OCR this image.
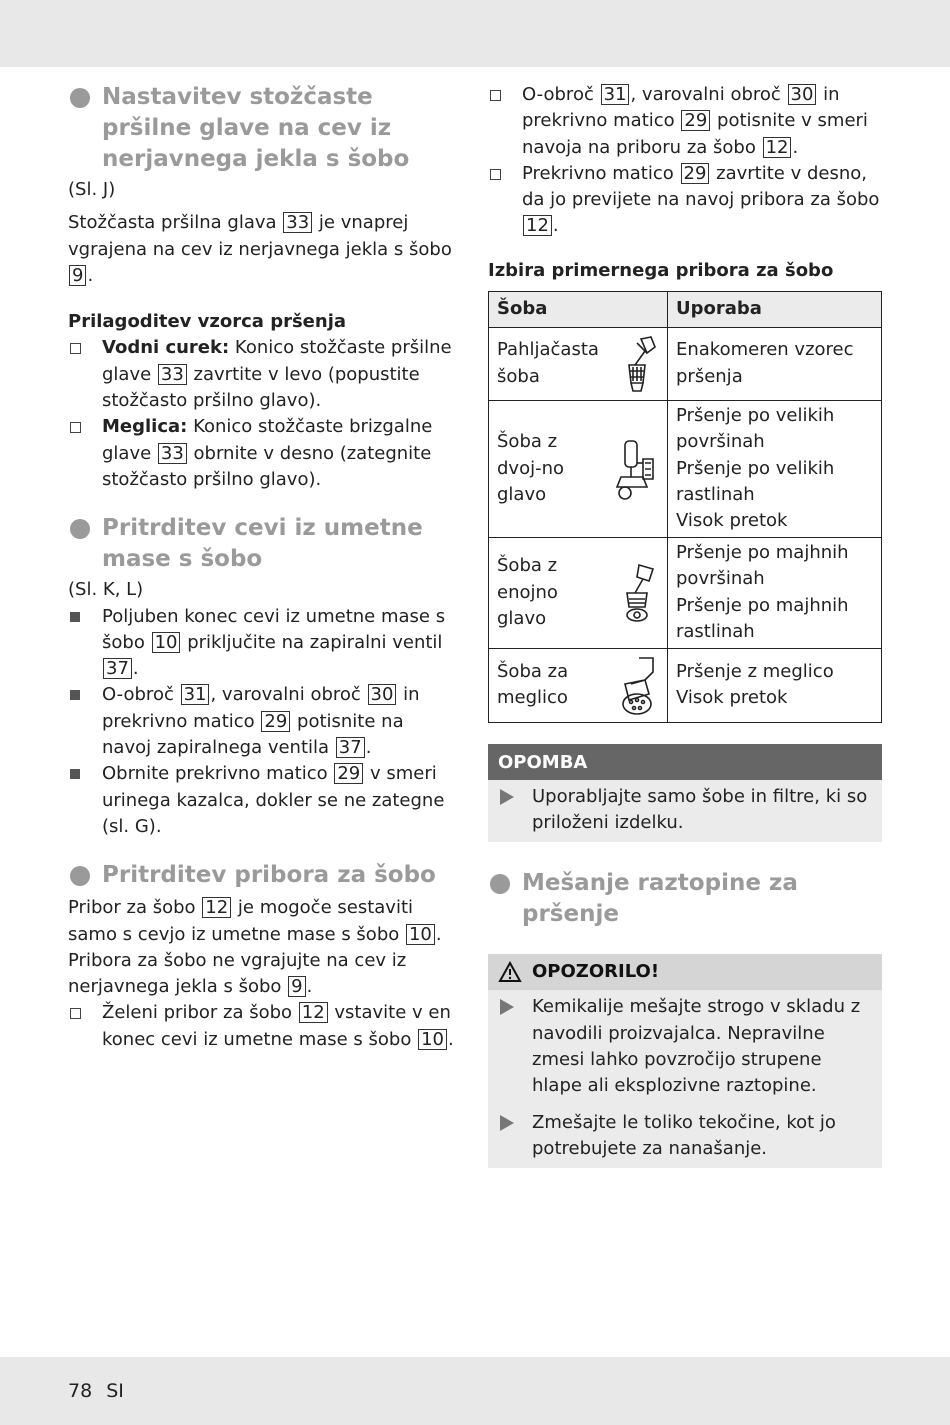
Nastavitev stožčaste pršilne glave na cev iz nerjavnega jekla s šobo

(Sl. J)

Stožčasta pršilna glava 33 je vnaprej vgrajena na cev iz nerjavnega jekla s šobo 9 .

Prilagoditev vzorca pršenja

Vodni curek: Konico stožčaste pršilne glave 33 zavrtite v levo (popustite stožčasto pršilno glavo).
Meglica: Konico stožčaste brizgalne glave 33 obrnite v desno (zategnite stožčasto pršilno glavo).
Pritrditev cevi iz umetne mase s šobo

(Sl. K, L)

Poljuben konec cevi iz umetne mase s šobo 10 priključite na zapiralni ventil 37 .
O-obroč 31 , varovalni obroč 30 in prekrivno matico 29 potisnite na navoj zapiralnega ventila 37 .
Obrnite prekrivno matico 29 v smeri urinega kazalca, dokler se ne zategne (sl. G).
Pritrditev pribora za šobo

Pribor za šobo 12 je mogoče sestaviti samo s cevjo iz umetne mase s šobo 10 .

Pribora za šobo ne vgrajujte na cev iz nerjavnega jekla s šobo 9 .

Želeni pribor za šobo 12 vstavite v en konec cevi iz umetne mase s šobo 10 .
O-obroč 31 , varovalni obroč 30 in prekrivno matico 29 potisnite v smeri navoja na priboru za šobo 12 .
Prekrivno matico 29 zavrtite v desno, da jo previjete na navoj pribora za šobo 12 .
Izbira primernega pribora za šobo
Šoba	Uporaba

Pahljačasta šoba	Enakomeren vzorec pršenja

Šoba z dvoj-no glavo	Pršenje po velikih površinah
Pršenje po velikih rastlinah
Visok pretok

Šoba z enojno glavo	Pršenje po majhnih površinah
Pršenje po majhnih rastlinah

Šoba za meglico	Pršenje z meglico
Visok pretok
OPOMBA
Uporabljajte samo šobe in filtre, ki so priloženi izdelku.
Mešanje raztopine za pršenje
OPOZORILO!
Kemikalije mešajte strogo v skladu z navodili proizvajalca. Nepravilne zmesi lahko povzročijo strupene hlape ali eksplozivne raztopine.
Zmešajte le toliko tekočine, kot jo potrebujete za nanašanje.
78 SI
